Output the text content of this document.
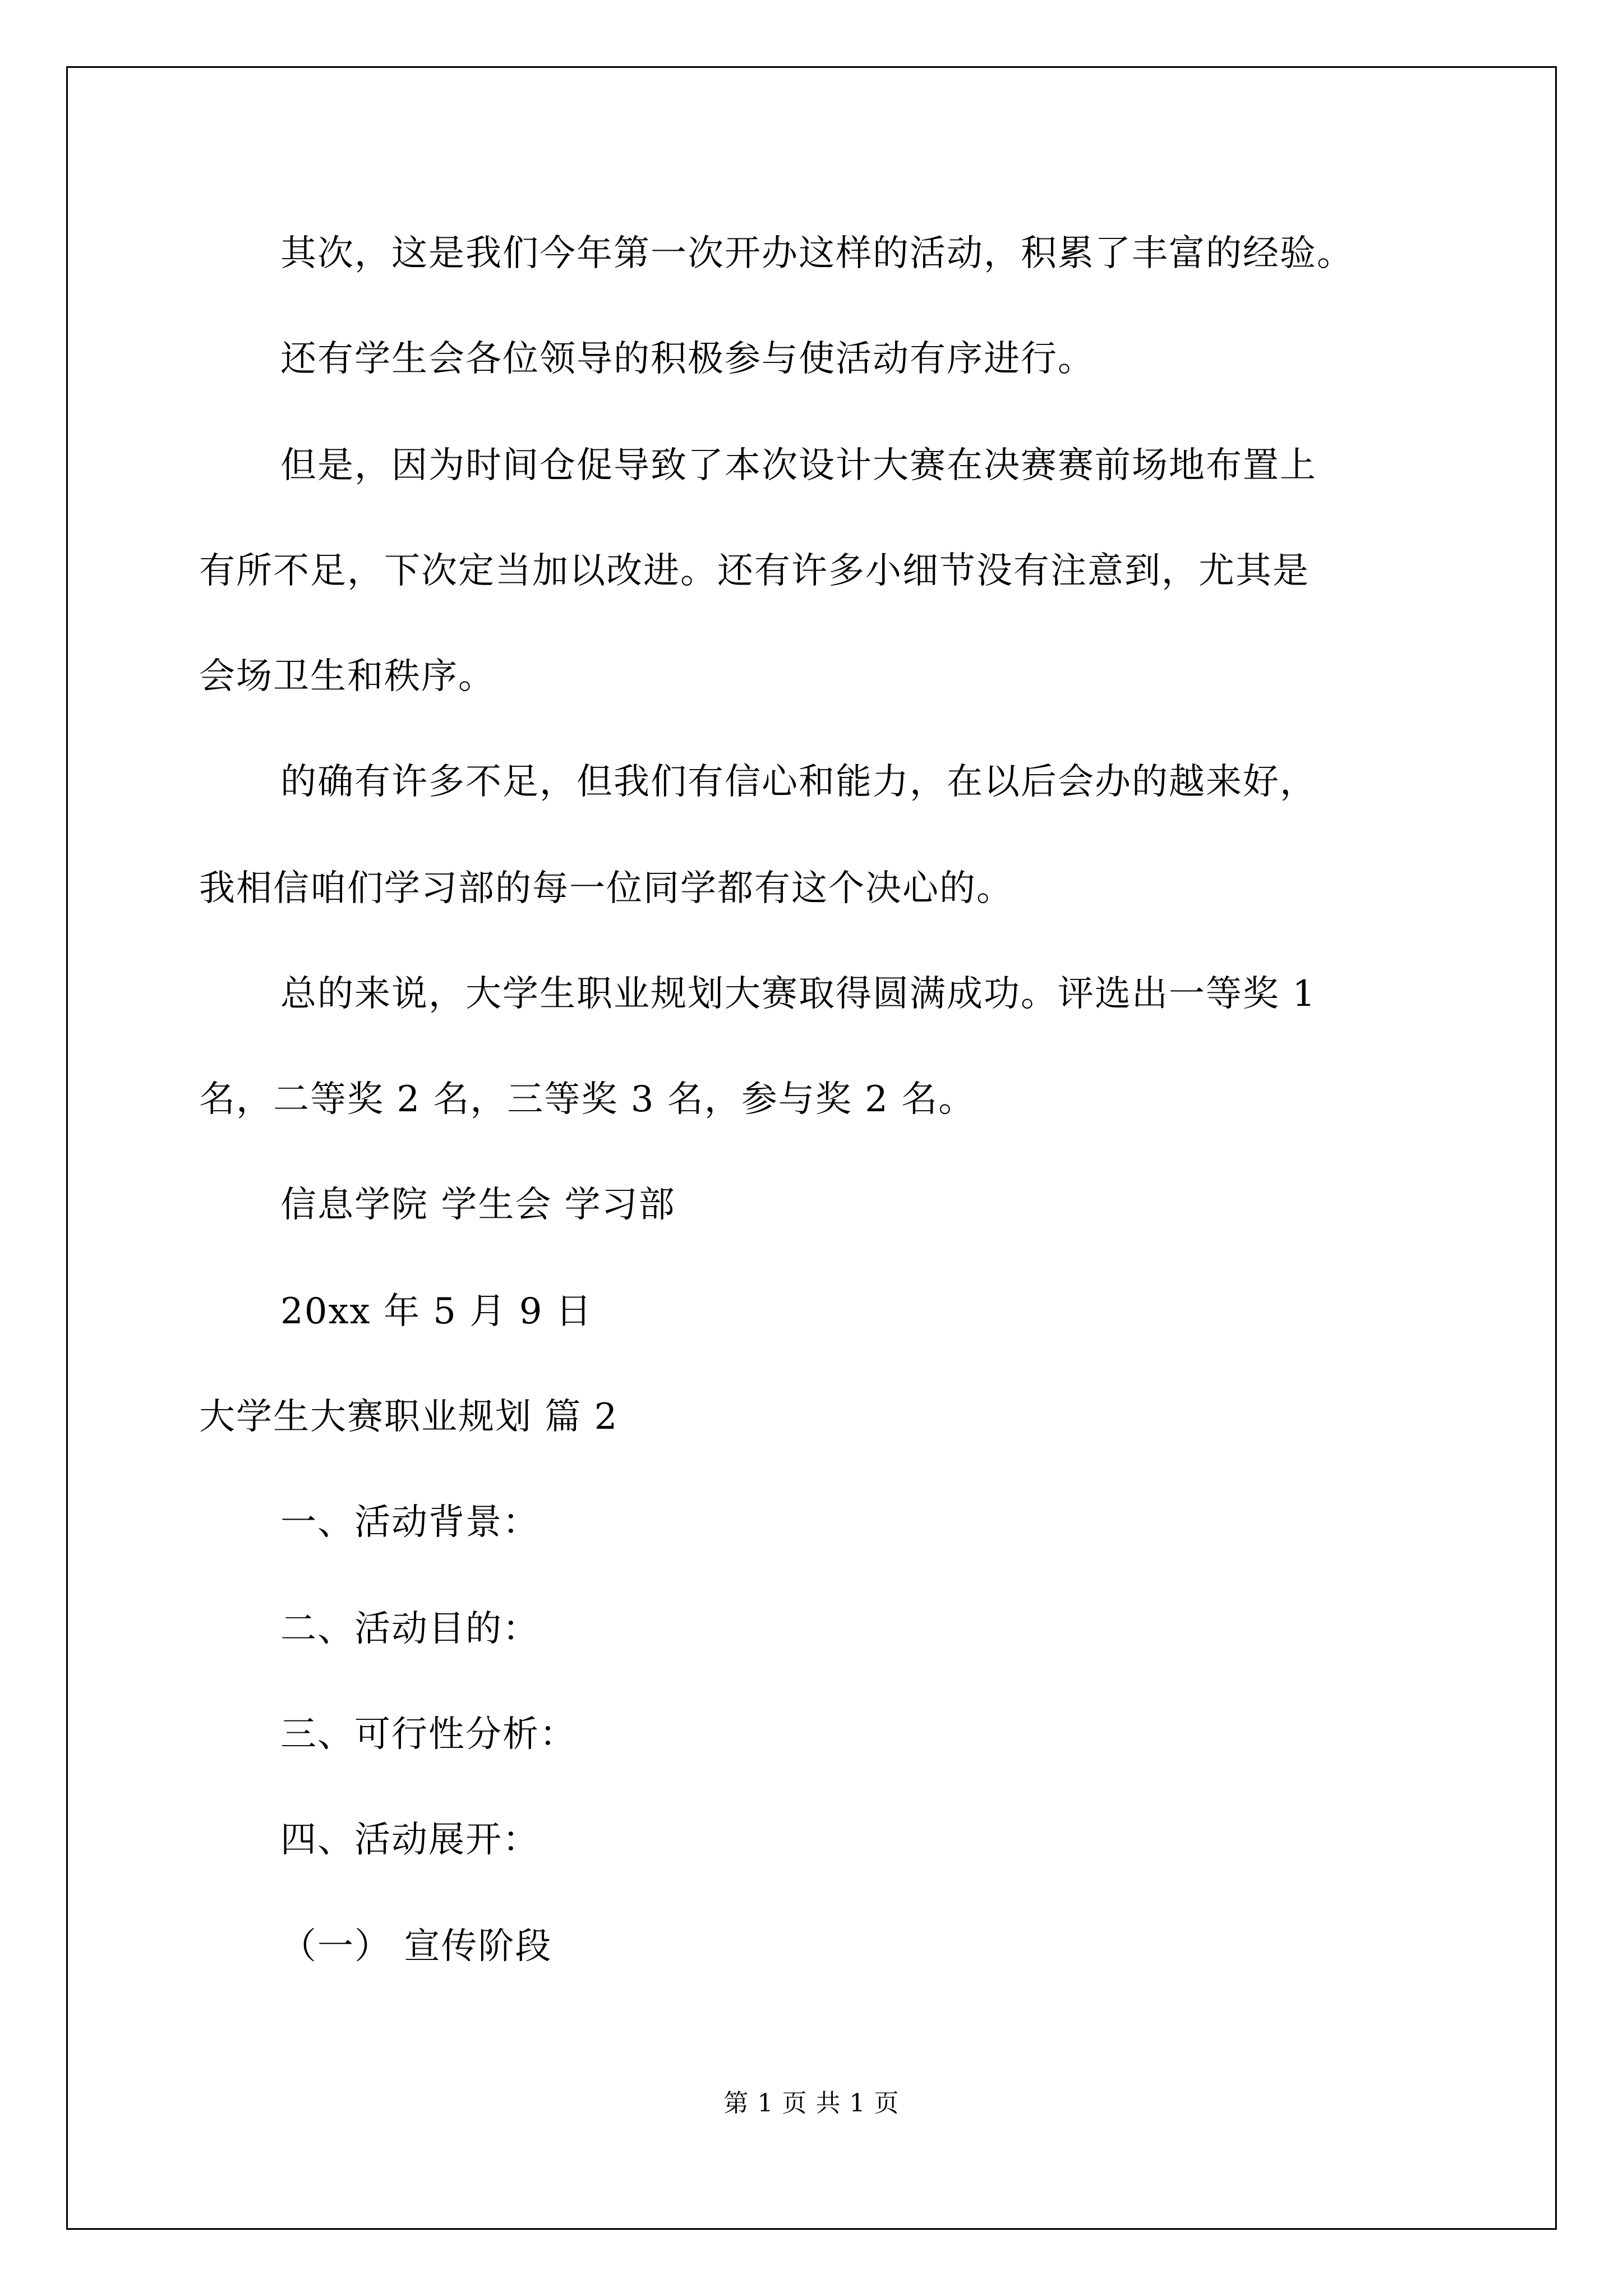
其次，这是我们今年第一次开办这样的活动，积累了丰富的经验。
还有学生会各位领导的积极参与使活动有序进行。
但是，因为时间仓促导致了本次设计大赛在决赛赛前场地布置上
有所不足，下次定当加以改进。还有许多小细节没有注意到，尤其是
会场卫生和秩序。
的确有许多不足，但我们有信心和能力，在以后会办的越来好，
我相信咱们学习部的每一位同学都有这个决心的。
总的来说，大学生职业规划大赛取得圆满成功。评选出一等奖 1
名，二等奖 2 名，三等奖 3 名，参与奖 2 名。
信息学院 学生会 学习部
20xx 年 5 月 9 日
大学生大赛职业规划 篇 2
一、活动背景：
二、活动目的：
三、可行性分析：
四、活动展开：
（一） 宣传阶段
第 1 页 共 1 页
